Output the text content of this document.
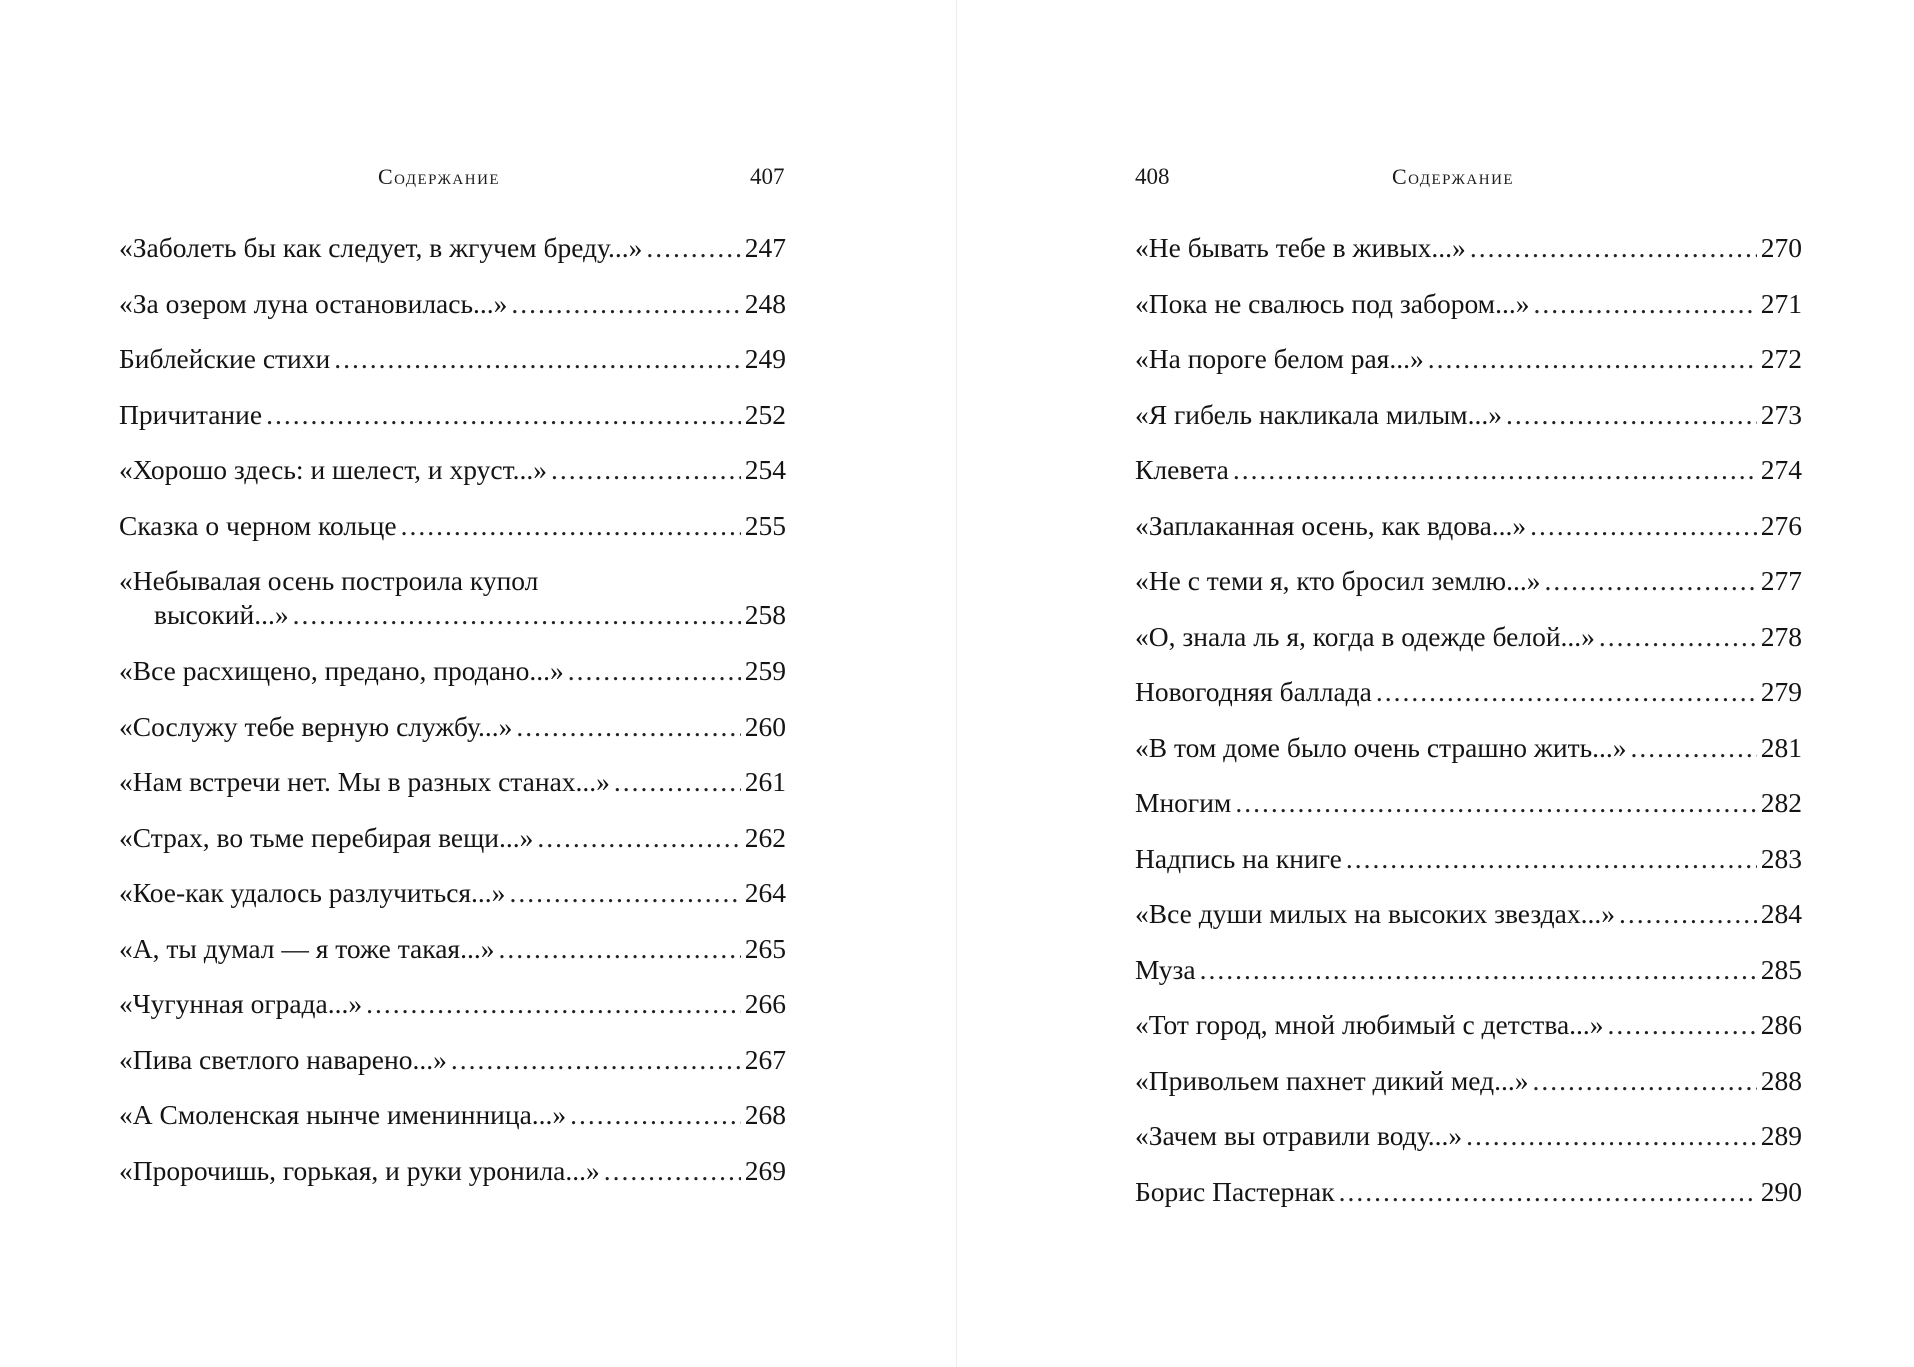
Содержание	407
«Заболеть бы как следует, в жгучем бреду...» .....	247
«За озером луна остановилась...» .....	248
Библейские стихи .....	249
Причитание .....	252
«Хорошо здесь: и шелест, и хруст...» .....	254
Сказка о черном кольце .....	255
«Небывалая осень построила купол
высокий...» .....	258
«Все расхищено, предано, продано...» .....	259
«Сослужу тебе верную службу...» .....	260
«Нам встречи нет. Мы в разных станах...» .....	261
«Страх, во тьме перебирая вещи...» .....	262
«Кое-как удалось разлучиться...» .....	264
«А, ты думал — я тоже такая...» .....	265
«Чугунная ограда...» .....	266
«Пива светлого наварено...» .....	267
«А Смоленская нынче именинница...» .....	268
«Пророчишь, горькая, и руки уронила...» .....	269
Содержание
408
«Не бывать тебе в живых...» .....	270
«Пока не свалюсь под забором...» .....	271
«На пороге белом рая...» .....	272
«Я гибель накликала милым...» .....	273
Клевета .....	274
«Заплаканная осень, как вдова...» .....	276
«Не с теми я, кто бросил землю...» .....	277
«О, знала ль я, когда в одежде белой...» .....	278
Новогодняя баллада .....	279
«В том доме было очень страшно жить...» .....	281
Многим .....	282
Надпись на книге .....	283
«Все души милых на высоких звездах...» .....	284
Муза .....	285
«Тот город, мной любимый с детства...» .....	286
«Привольем пахнет дикий мед...» .....	288
«Зачем вы отравили воду...» .....	289
Борис Пастернак .....	290
